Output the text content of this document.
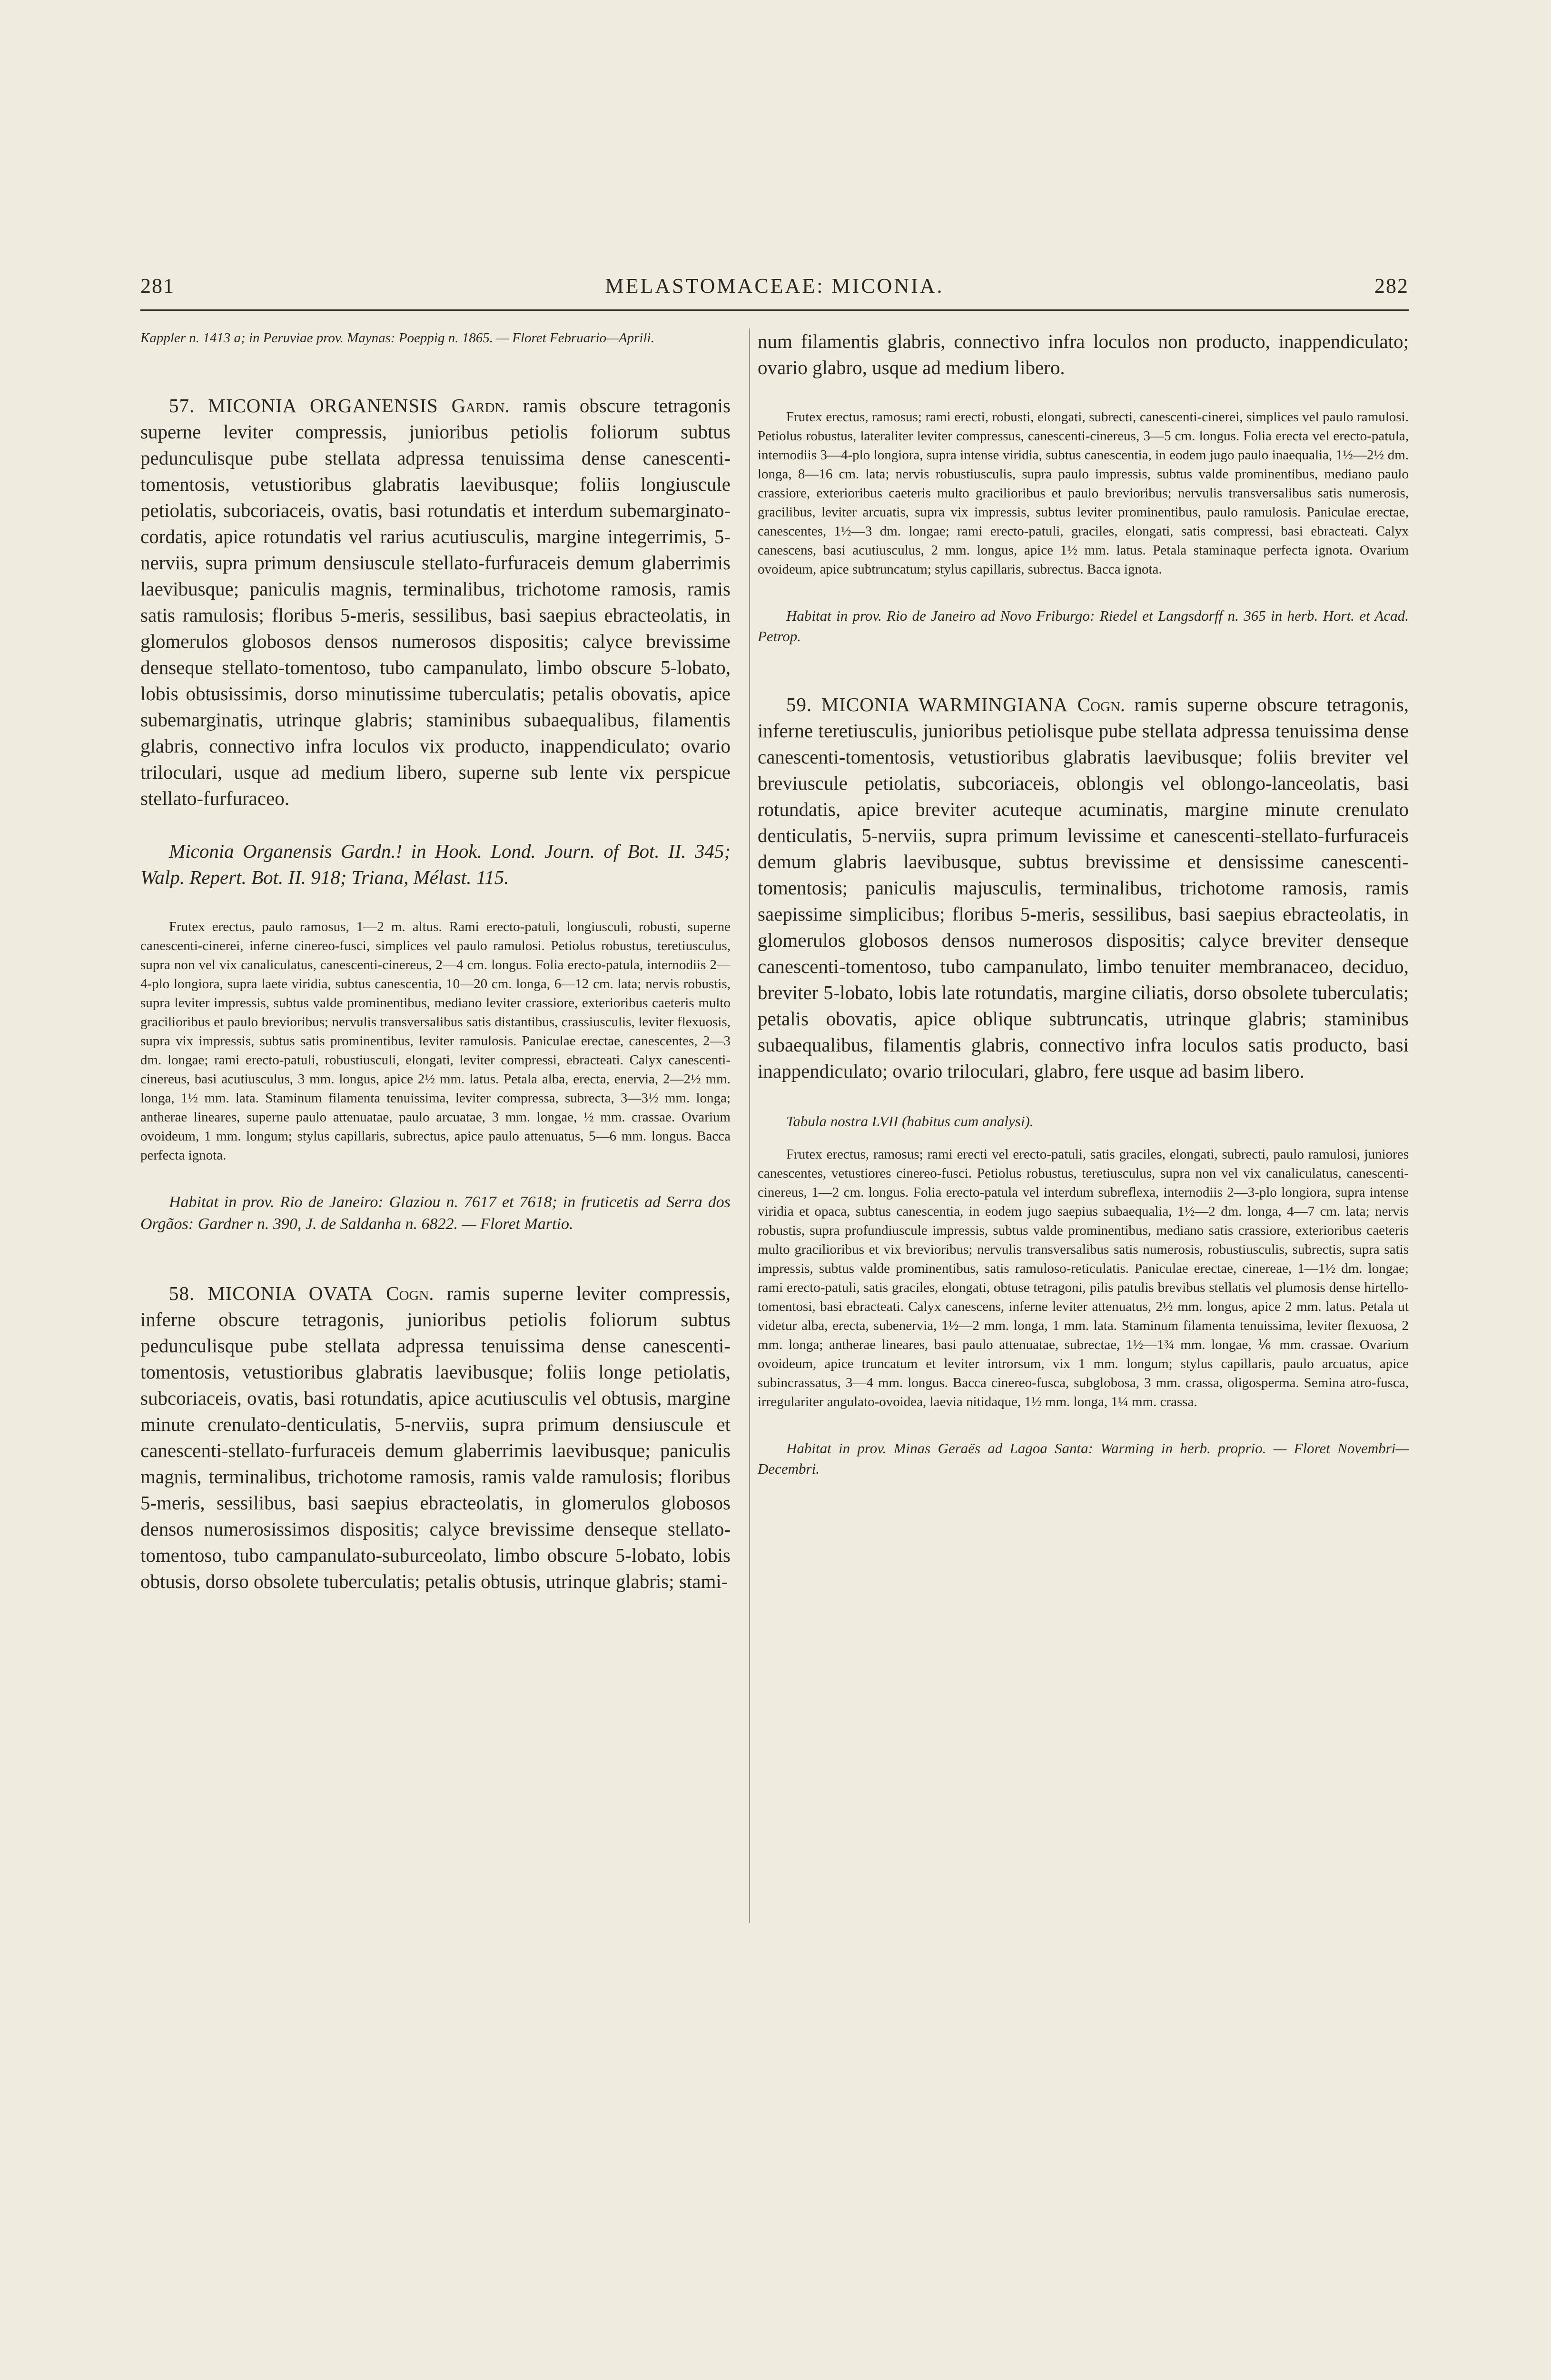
281	MELASTOMACEAE: MICONIA.	282

Kappler n. 1413 a; in Peruviae prov. Maynas: Poeppig n. 1865. — Floret Februario—Aprili.

57. MICONIA ORGANENSIS Gardn. ramis obscure tetragonis superne leviter compressis, junioribus petiolis foliorum subtus pedunculisque pube stellata adpressa tenuissima dense canescenti-tomentosis, vetustioribus glabratis laevibusque; foliis longiuscule petiolatis, subcoriaceis, ovatis, basi rotundatis et interdum subemarginato-cordatis, apice rotundatis vel rarius acutiusculis, margine integerrimis, 5-nerviis, supra primum densiuscule stellato-furfuraceis demum glaberrimis laevibusque; paniculis magnis, terminalibus, trichotome ramosis, ramis satis ramulosis; floribus 5-meris, sessilibus, basi saepius ebracteolatis, in glomerulos globosos densos numerosos dispositis; calyce brevissime denseque stellato-tomentoso, tubo campanulato, limbo obscure 5-lobato, lobis obtusissimis, dorso minutissime tuberculatis; petalis obovatis, apice subemarginatis, utrinque glabris; staminibus subaequalibus, filamentis glabris, connectivo infra loculos vix producto, inappendiculato; ovario triloculari, usque ad medium libero, superne sub lente vix perspicue stellato-furfuraceo.

Miconia Organensis Gardn.! in Hook. Lond. Journ. of Bot. II. 345; Walp. Repert. Bot. II. 918; Triana, Mélast. 115.

Frutex erectus, paulo ramosus, 1—2 m. altus. Rami erecto-patuli, longiusculi, robusti, superne canescenti-cinerei, inferne cinereo-fusci, simplices vel paulo ramulosi. Petiolus robustus, teretiusculus, supra non vel vix canaliculatus, canescenti-cinereus, 2—4 cm. longus. Folia erecto-patula, internodiis 2—4-plo longiora, supra laete viridia, subtus canescentia, 10—20 cm. longa, 6—12 cm. lata; nervis robustis, supra leviter impressis, subtus valde prominentibus, mediano leviter crassiore, exterioribus caeteris multo gracilioribus et paulo brevioribus; nervulis transversalibus satis distantibus, crassiusculis, leviter flexuosis, supra vix impressis, subtus satis prominentibus, leviter ramulosis. Paniculae erectae, canescentes, 2—3 dm. longae; rami erecto-patuli, robustiusculi, elongati, leviter compressi, ebracteati. Calyx canescenti-cinereus, basi acutiusculus, 3 mm. longus, apice 2½ mm. latus. Petala alba, erecta, enervia, 2—2½ mm. longa, 1½ mm. lata. Staminum filamenta tenuissima, leviter compressa, subrecta, 3—3½ mm. longa; antherae lineares, superne paulo attenuatae, paulo arcuatae, 3 mm. longae, ½ mm. crassae. Ovarium ovoideum, 1 mm. longum; stylus capillaris, subrectus, apice paulo attenuatus, 5—6 mm. longus. Bacca perfecta ignota.

Habitat in prov. Rio de Janeiro: Glaziou n. 7617 et 7618; in fruticetis ad Serra dos Orgãos: Gardner n. 390, J. de Saldanha n. 6822. — Floret Martio.

58. MICONIA OVATA Cogn. ramis superne leviter compressis, inferne obscure tetragonis, junioribus petiolis foliorum subtus pedunculisque pube stellata adpressa tenuissima dense canescenti-tomentosis, vetustioribus glabratis laevibusque; foliis longe petiolatis, subcoriaceis, ovatis, basi rotundatis, apice acutiusculis vel obtusis, margine minute crenulato-denticulatis, 5-nerviis, supra primum densiuscule et canescenti-stellato-furfuraceis demum glaberrimis laevibusque; paniculis magnis, terminalibus, trichotome ramosis, ramis valde ramulosis; floribus 5-meris, sessilibus, basi saepius ebracteolatis, in glomerulos globosos densos numerosissimos dispositis; calyce brevissime denseque stellato-tomentoso, tubo campanulato-suburceolato, limbo obscure 5-lobato, lobis obtusis, dorso obsolete tuberculatis; petalis obtusis, utrinque glabris; stami-

num filamentis glabris, connectivo infra loculos non producto, inappendiculato; ovario glabro, usque ad medium libero.

Frutex erectus, ramosus; rami erecti, robusti, elongati, subrecti, canescenti-cinerei, simplices vel paulo ramulosi. Petiolus robustus, lateraliter leviter compressus, canescenti-cinereus, 3—5 cm. longus. Folia erecta vel erecto-patula, internodiis 3—4-plo longiora, supra intense viridia, subtus canescentia, in eodem jugo paulo inaequalia, 1½—2½ dm. longa, 8—16 cm. lata; nervis robustiusculis, supra paulo impressis, subtus valde prominentibus, mediano paulo crassiore, exterioribus caeteris multo gracilioribus et paulo brevioribus; nervulis transversalibus satis numerosis, gracilibus, leviter arcuatis, supra vix impressis, subtus leviter prominentibus, paulo ramulosis. Paniculae erectae, canescentes, 1½—3 dm. longae; rami erecto-patuli, graciles, elongati, satis compressi, basi ebracteati. Calyx canescens, basi acutiusculus, 2 mm. longus, apice 1½ mm. latus. Petala staminaque perfecta ignota. Ovarium ovoideum, apice subtruncatum; stylus capillaris, subrectus. Bacca ignota.

Habitat in prov. Rio de Janeiro ad Novo Friburgo: Riedel et Langsdorff n. 365 in herb. Hort. et Acad. Petrop.

59. MICONIA WARMINGIANA Cogn. ramis superne obscure tetragonis, inferne teretiusculis, junioribus petiolisque pube stellata adpressa tenuissima dense canescenti-tomentosis, vetustioribus glabratis laevibusque; foliis breviter vel breviuscule petiolatis, subcoriaceis, oblongis vel oblongo-lanceolatis, basi rotundatis, apice breviter acuteque acuminatis, margine minute crenulato denticulatis, 5-nerviis, supra primum levissime et canescenti-stellato-furfuraceis demum glabris laevibusque, subtus brevissime et densissime canescenti-tomentosis; paniculis majusculis, terminalibus, trichotome ramosis, ramis saepissime simplicibus; floribus 5-meris, sessilibus, basi saepius ebracteolatis, in glomerulos globosos densos numerosos dispositis; calyce breviter denseque canescenti-tomentoso, tubo campanulato, limbo tenuiter membranaceo, deciduo, breviter 5-lobato, lobis late rotundatis, margine ciliatis, dorso obsolete tuberculatis; petalis obovatis, apice oblique subtruncatis, utrinque glabris; staminibus subaequalibus, filamentis glabris, connectivo infra loculos satis producto, basi inappendiculato; ovario triloculari, glabro, fere usque ad basim libero.

Tabula nostra LVII (habitus cum analysi).

Frutex erectus, ramosus; rami erecti vel erecto-patuli, satis graciles, elongati, subrecti, paulo ramulosi, juniores canescentes, vetustiores cinereo-fusci. Petiolus robustus, teretiusculus, supra non vel vix canaliculatus, canescenti-cinereus, 1—2 cm. longus. Folia erecto-patula vel interdum subreflexa, internodiis 2—3-plo longiora, supra intense viridia et opaca, subtus canescentia, in eodem jugo saepius subaequalia, 1½—2 dm. longa, 4—7 cm. lata; nervis robustis, supra profundiuscule impressis, subtus valde prominentibus, mediano satis crassiore, exterioribus caeteris multo gracilioribus et vix brevioribus; nervulis transversalibus satis numerosis, robustiusculis, subrectis, supra satis impressis, subtus valde prominentibus, satis ramuloso-reticulatis. Paniculae erectae, cinereae, 1—1½ dm. longae; rami erecto-patuli, satis graciles, elongati, obtuse tetragoni, pilis patulis brevibus stellatis vel plumosis dense hirtello-tomentosi, basi ebracteati. Calyx canescens, inferne leviter attenuatus, 2½ mm. longus, apice 2 mm. latus. Petala ut videtur alba, erecta, subenervia, 1½—2 mm. longa, 1 mm. lata. Staminum filamenta tenuissima, leviter flexuosa, 2 mm. longa; antherae lineares, basi paulo attenuatae, subrectae, 1½—1¾ mm. longae, ⅙ mm. crassae. Ovarium ovoideum, apice truncatum et leviter introrsum, vix 1 mm. longum; stylus capillaris, paulo arcuatus, apice subincrassatus, 3—4 mm. longus. Bacca cinereo-fusca, subglobosa, 3 mm. crassa, oligosperma. Semina atro-fusca, irregulariter angulato-ovoidea, laevia nitidaque, 1½ mm. longa, 1¼ mm. crassa.

Habitat in prov. Minas Geraës ad Lagoa Santa: Warming in herb. proprio. — Floret Novembri—Decembri.
